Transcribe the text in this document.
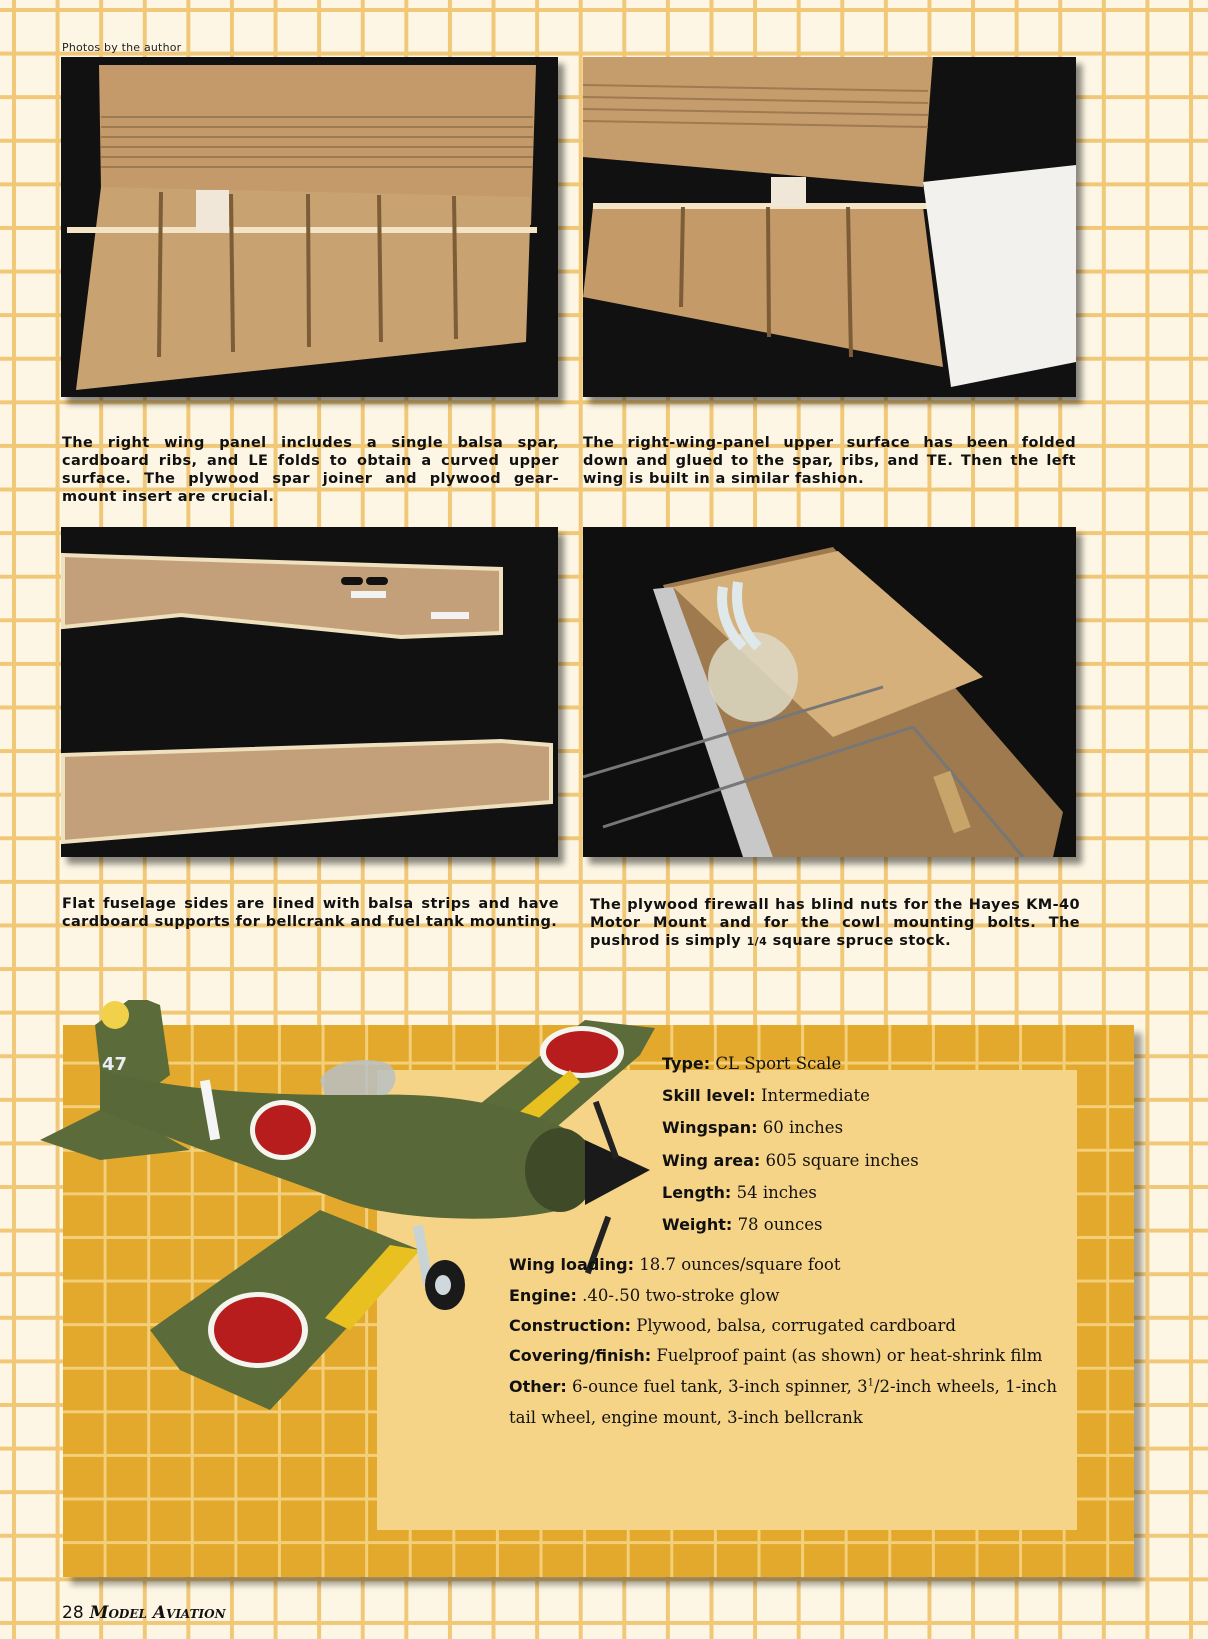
Photos by the author
The right wing panel includes a single balsa spar, cardboard ribs, and LE folds to obtain a curved upper surface. The plywood spar joiner and plywood gear-mount insert are crucial.
The right-wing-panel upper surface has been folded down and glued to the spar, ribs, and TE. Then the left wing is built in a similar fashion.
Flat fuselage sides are lined with balsa strips and have cardboard supports for bellcrank and fuel tank mounting.
The plywood firewall has blind nuts for the Hayes KM-40 Motor Mount and for the cowl mounting bolts. The pushrod is simply 1/4 square spruce stock.
47	Type: CL Sport Scale
Skill level: Intermediate
Wingspan: 60 inches
Wing area: 605 square inches
Length: 54 inches
Weight: 78 ounces
Wing loading: 18.7 ounces/square foot
Engine: .40-.50 two-stroke glow
Construction: Plywood, balsa, corrugated cardboard
Covering/finish: Fuelproof paint (as shown) or heat-shrink film
Other: 6-ounce fuel tank, 3-inch spinner, $3^1/2$-inch wheels, 1-inch
tail wheel, engine mount, 3-inch bellcrank
28 Model Aviation
